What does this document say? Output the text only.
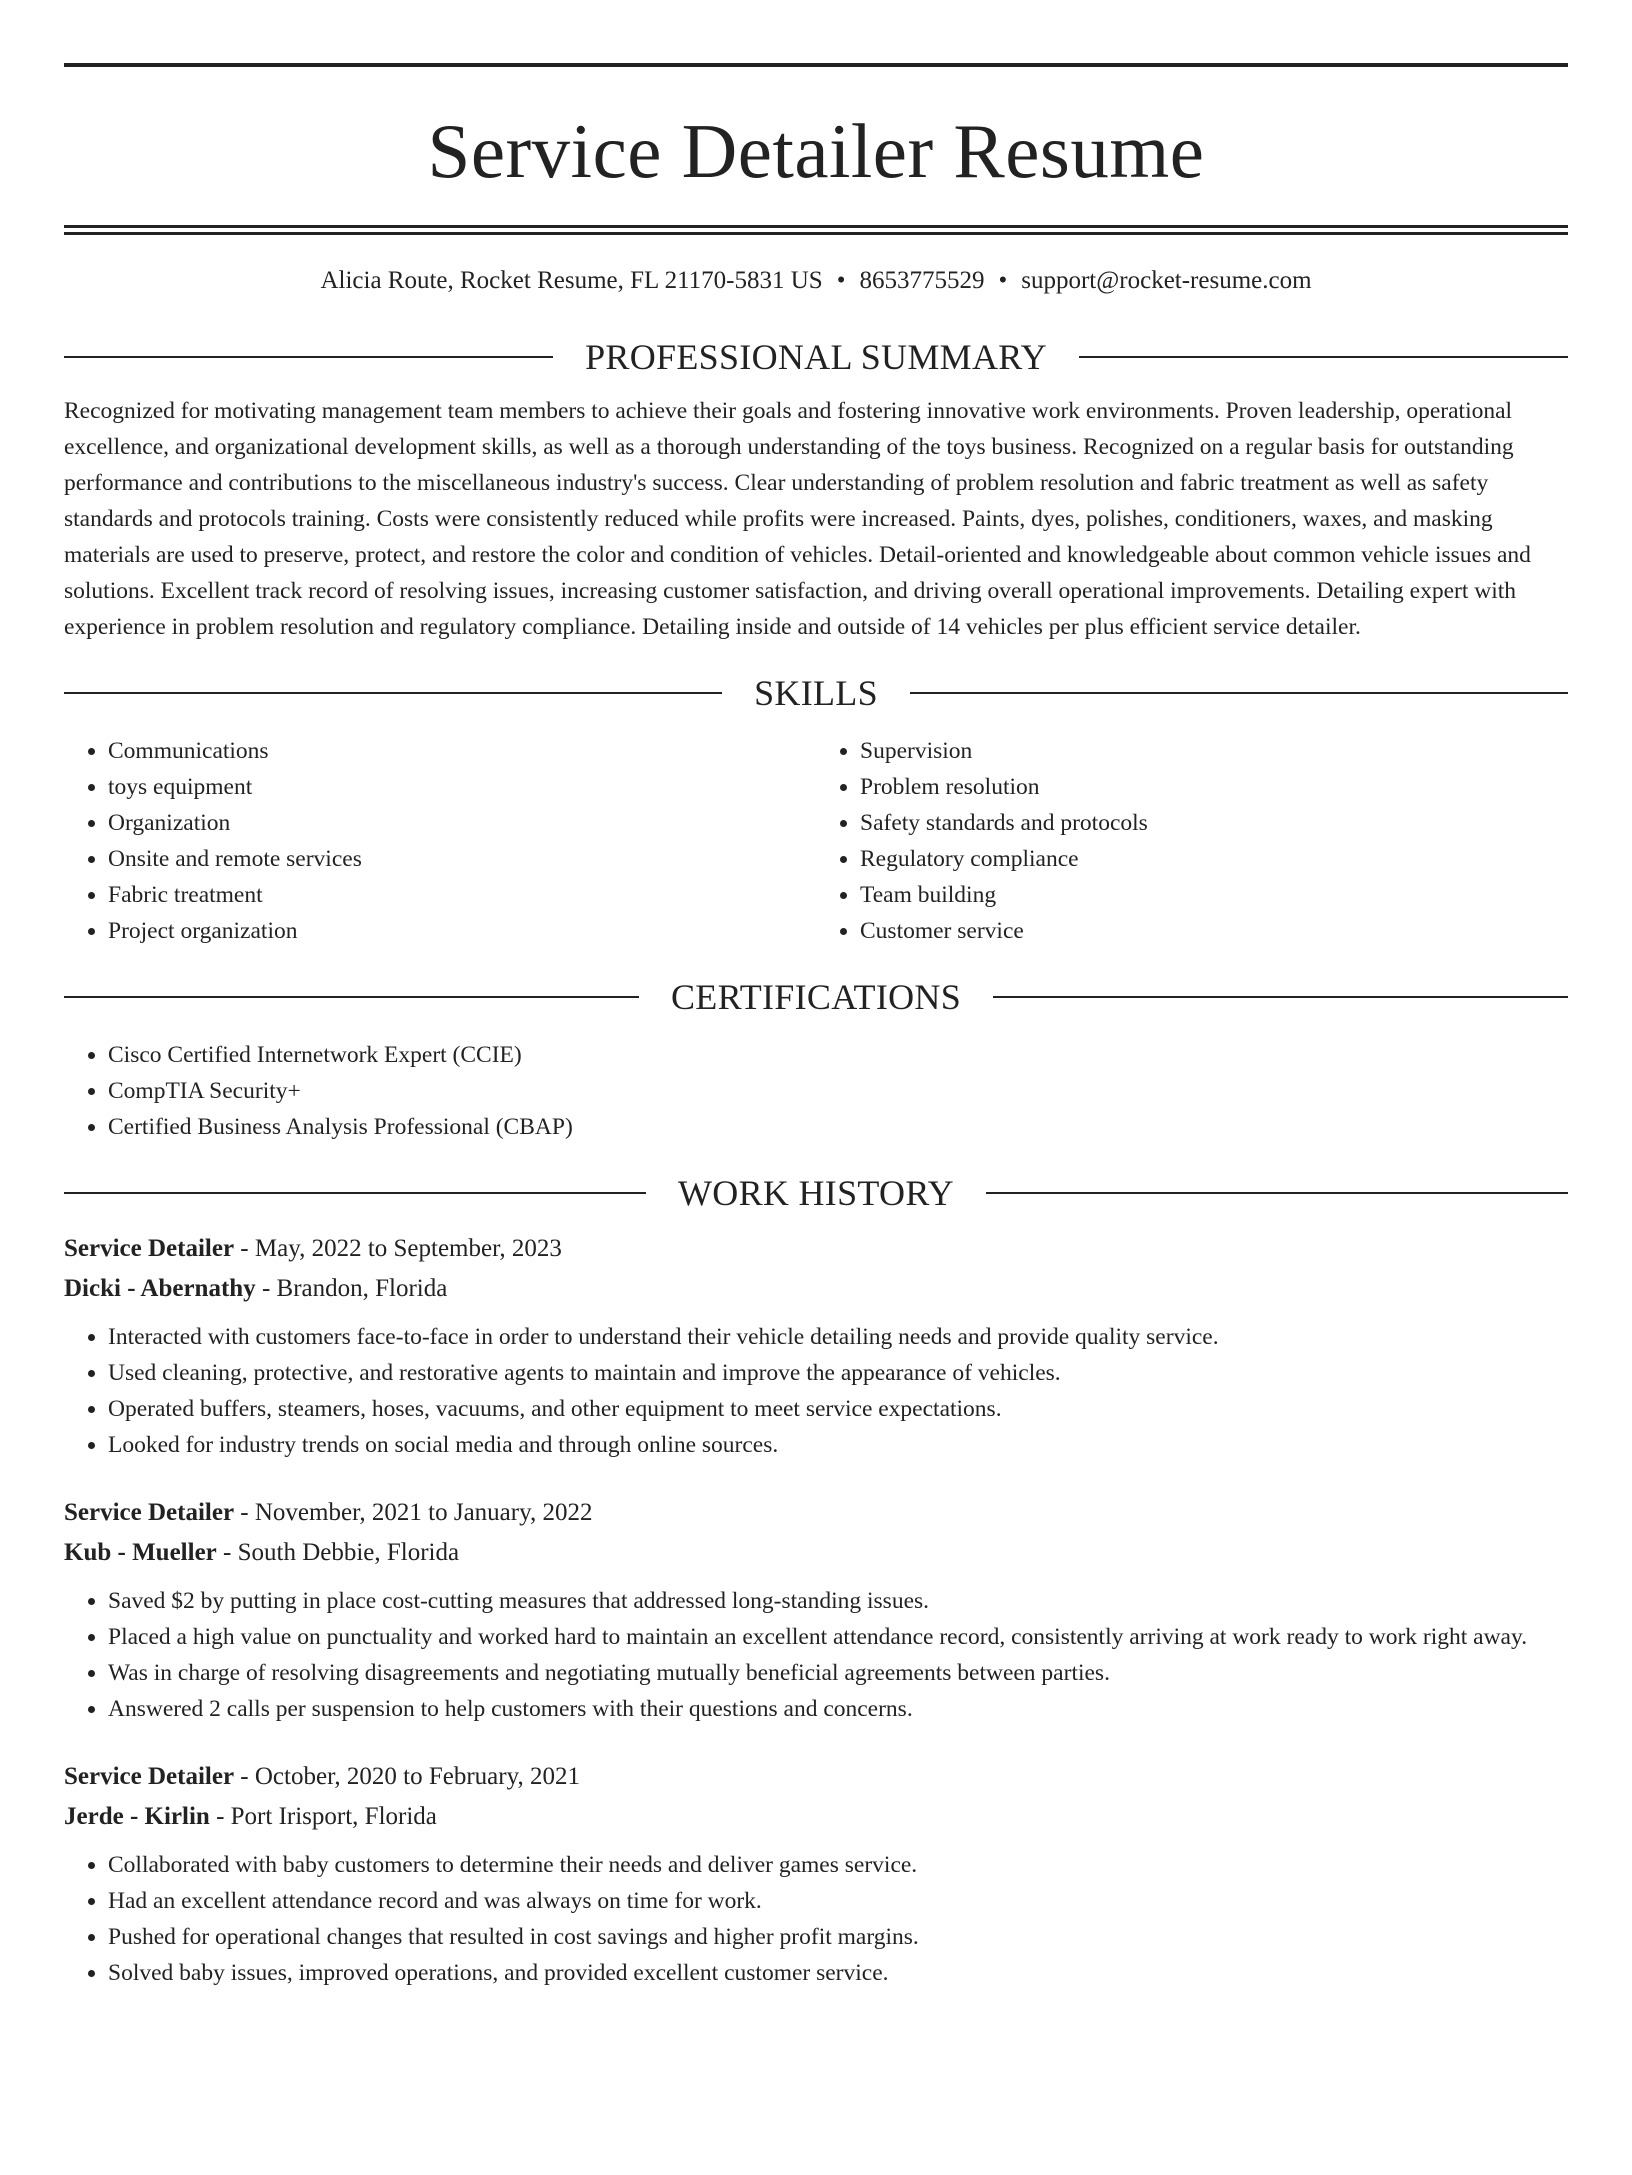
Service Detailer Resume
Alicia Route, Rocket Resume, FL 21170-5831 US • 8653775529 • support@rocket-resume.com
PROFESSIONAL SUMMARY

Recognized for motivating management team members to achieve their goals and fostering innovative work environments. Proven leadership, operational excellence, and organizational development skills, as well as a thorough understanding of the toys business. Recognized on a regular basis for outstanding performance and contributions to the miscellaneous industry's success. Clear understanding of problem resolution and fabric treatment as well as safety standards and protocols training. Costs were consistently reduced while profits were increased. Paints, dyes, polishes, conditioners, waxes, and masking materials are used to preserve, protect, and restore the color and condition of vehicles. Detail-oriented and knowledgeable about common vehicle issues and solutions. Excellent track record of resolving issues, increasing customer satisfaction, and driving overall operational improvements. Detailing expert with experience in problem resolution and regulatory compliance. Detailing inside and outside of 14 vehicles per plus efficient service detailer.

SKILLS
• Communications
• toys equipment
• Organization
• Onsite and remote services
• Fabric treatment
• Project organization
• Supervision
• Problem resolution
• Safety standards and protocols
• Regulatory compliance
• Team building
• Customer service
CERTIFICATIONS
• Cisco Certified Internetwork Expert (CCIE)
• CompTIA Security+
• Certified Business Analysis Professional (CBAP)
WORK HISTORY
Service Detailer - May, 2022 to September, 2023
Dicki - Abernathy - Brandon, Florida
• Interacted with customers face-to-face in order to understand their vehicle detailing needs and provide quality service.
• Used cleaning, protective, and restorative agents to maintain and improve the appearance of vehicles.
• Operated buffers, steamers, hoses, vacuums, and other equipment to meet service expectations.
• Looked for industry trends on social media and through online sources.
Service Detailer - November, 2021 to January, 2022
Kub - Mueller - South Debbie, Florida
• Saved $2 by putting in place cost-cutting measures that addressed long-standing issues.
• Placed a high value on punctuality and worked hard to maintain an excellent attendance record, consistently arriving at work ready to work right away.
• Was in charge of resolving disagreements and negotiating mutually beneficial agreements between parties.
• Answered 2 calls per suspension to help customers with their questions and concerns.
Service Detailer - October, 2020 to February, 2021
Jerde - Kirlin - Port Irisport, Florida
• Collaborated with baby customers to determine their needs and deliver games service.
• Had an excellent attendance record and was always on time for work.
• Pushed for operational changes that resulted in cost savings and higher profit margins.
• Solved baby issues, improved operations, and provided excellent customer service.
